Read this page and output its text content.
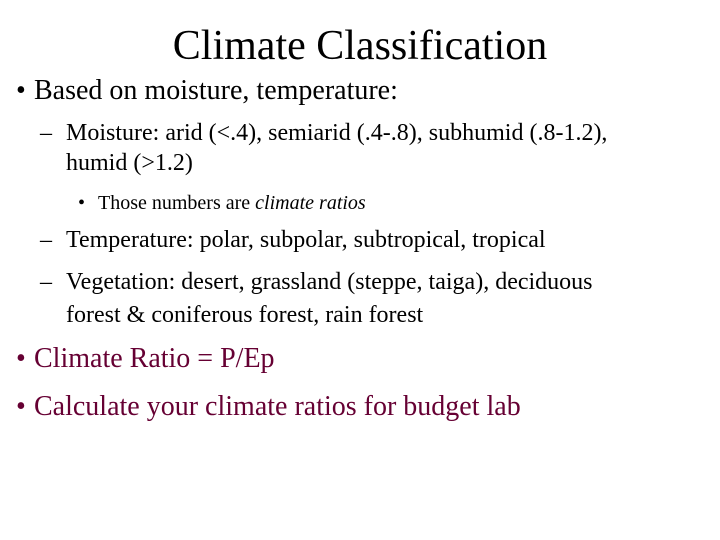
Climate Classification
• Based on moisture, temperature:
– Moisture: arid (<.4), semiarid (.4-.8), subhumid (.8-1.2),
humid (>1.2)
• Those numbers are climate ratios
– Temperature: polar, subpolar, subtropical, tropical
– Vegetation: desert, grassland (steppe, taiga), deciduous
forest & coniferous forest, rain forest
• Climate Ratio = P/Ep
• Calculate your climate ratios for budget lab
